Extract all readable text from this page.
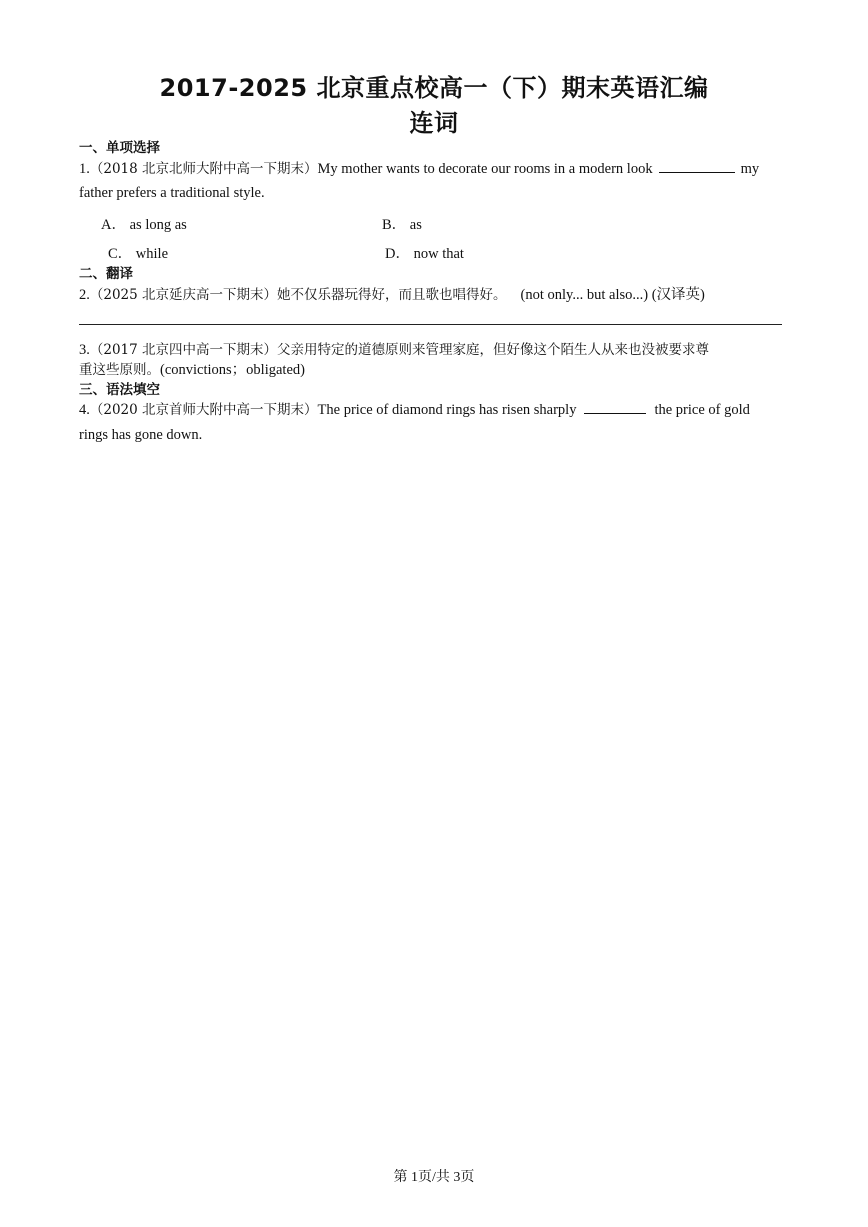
2017-2025 北京重点校高一（下）期末英语汇编
连词
一、单项选择
1.（2018 北京北师大附中高一下期末）My mother wants to decorate our rooms in a modern look	my
father prefers a traditional style.
A． as long as	B． as
C． while	D． now that
二、翻译
2.（2025 北京延庆高一下期末）她不仅乐器玩得好，而且歌也唱得好。 (not only... but also...) (汉译英)
3.（2017 北京四中高一下期末）父亲用特定的道德原则来管理家庭，但好像这个陌生人从来也没被要求尊
重这些原则。(convictions；obligated)
三、语法填空
4.（2020 北京首师大附中高一下期末）The price of diamond rings has risen sharply	the price of gold
rings has gone down.
第 1页/共 3页
